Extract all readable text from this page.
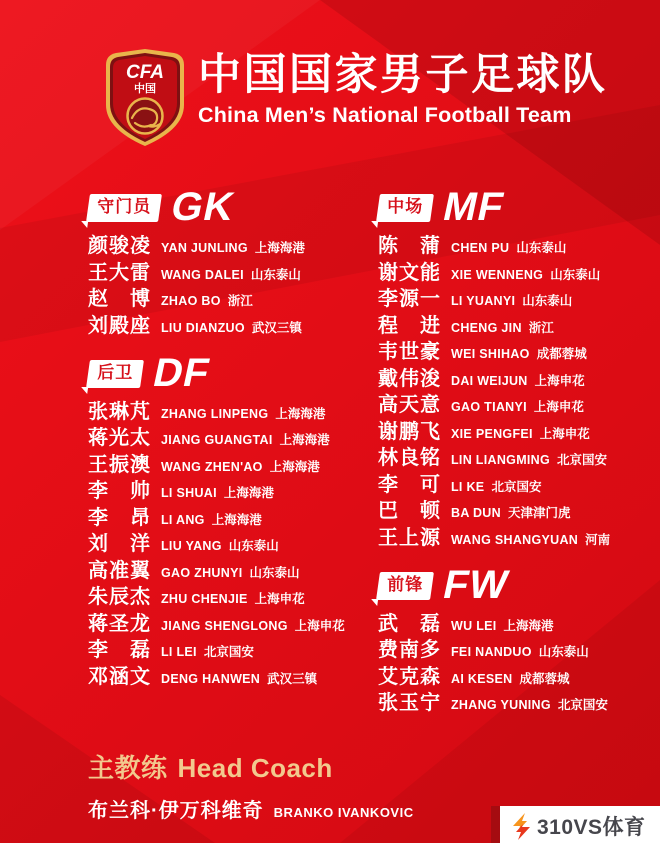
CFA
中国 中国国家男子足球队
China Men’s National Football Team
守门员 GK
颜骏凌 YAN JUNLING 上海海港
王大雷 WANG DALEI 山东泰山
赵博 ZHAO BO 浙江
刘殿座 LIU DIANZUO 武汉三镇
后卫 DF
张琳芃 ZHANG LINPENG 上海海港
蒋光太 JIANG GUANGTAI 上海海港
王振澳 WANG ZHEN'AO 上海海港
李帅 LI SHUAI 上海海港
李昂 LI ANG 上海海港
刘洋 LIU YANG 山东泰山
高准翼 GAO ZHUNYI 山东泰山
朱辰杰 ZHU CHENJIE 上海申花
蒋圣龙 JIANG SHENGLONG 上海申花
李磊 LI LEI 北京国安
邓涵文 DENG HANWEN 武汉三镇
中场 MF
陈蒲 CHEN PU 山东泰山
谢文能 XIE WENNENG 山东泰山
李源一 LI YUANYI 山东泰山
程进 CHENG JIN 浙江
韦世豪 WEI SHIHAO 成都蓉城
戴伟浚 DAI WEIJUN 上海申花
高天意 GAO TIANYI 上海申花
谢鹏飞 XIE PENGFEI 上海申花
林良铭 LIN LIANGMING 北京国安
李可 LI KE 北京国安
巴顿 BA DUN 天津津门虎
王上源 WANG SHANGYUAN 河南
前锋 FW
武磊 WU LEI 上海海港
费南多 FEI NANDUO 山东泰山
艾克森 AI KESEN 成都蓉城
张玉宁 ZHANG YUNING 北京国安
主教练 Head Coach
布兰科·伊万科维奇 BRANKO IVANKOVIC
310VS体育
